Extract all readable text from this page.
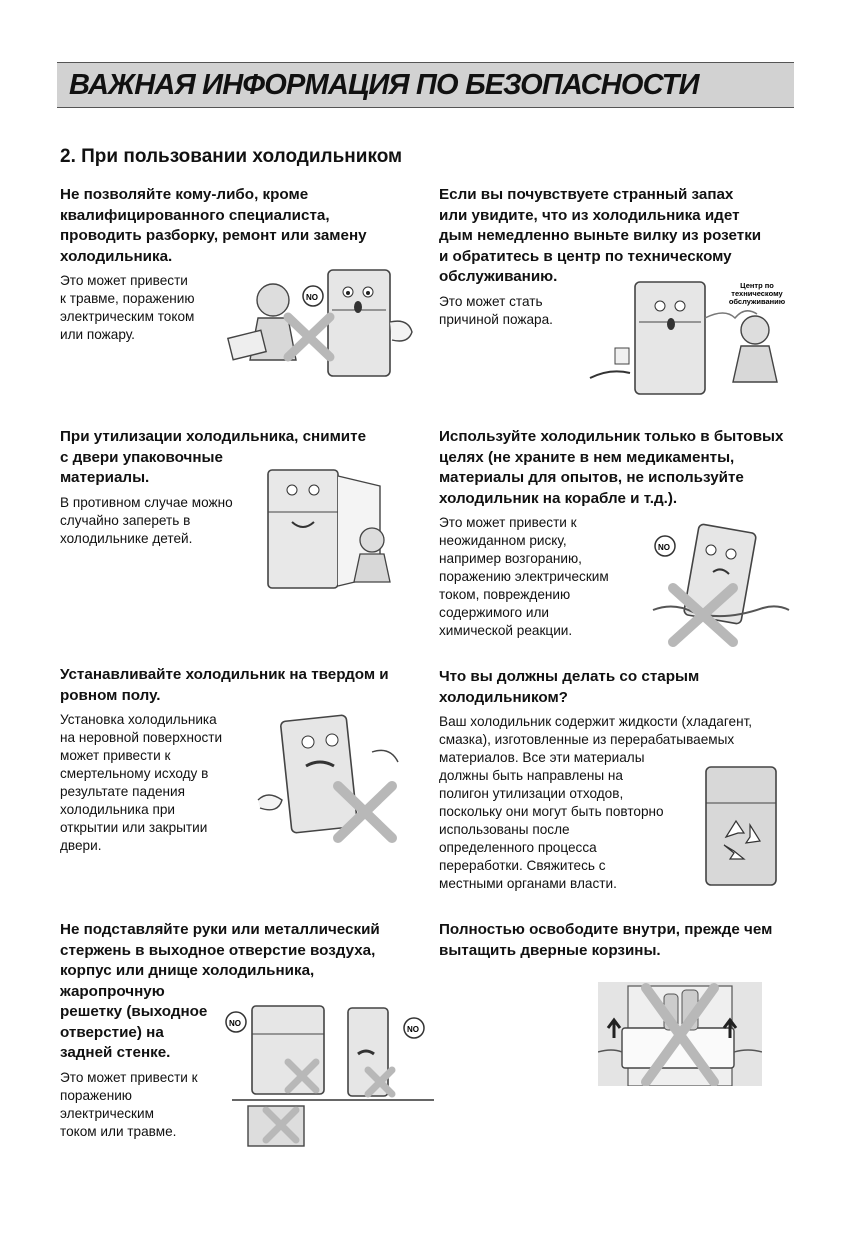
ВАЖНАЯ ИНФОРМАЦИЯ ПО БЕЗОПАСНОСТИ
2. При пользовании холодильником
Не позволяйте кому-либо, кроме
квалифицированного специалиста,
проводить разборку, ремонт или замену
холодильника.
Это может привести
к травме, поражению
электрическим током
или пожару.
NO
Если вы почувствуете странный запах
или увидите, что из холодильника идет
дым немедленно выньте вилку из розетки
и обратитесь в центр по техническому
обслуживанию.
Это может стать
причиной пожара.
Центр по
техническому
обслуживанию
При утилизации холодильника, снимите
с двери упаковочные
материалы.
В противном случае можно
случайно запереть в
холодильнике детей.
Используйте холодильник только в бытовых
целях (не храните в нем медикаменты,
материалы для опытов, не используйте
холодильник на корабле и т.д.).
Это может привести к
неожиданном риску,
например возгоранию,
поражению электрическим
током, повреждению
содержимого или
химической реакции.
NO
Устанавливайте холодильник на твердом и
ровном полу.
Установка холодильника
на неровной поверхности
может привести к
смертельному исходу в
результате падения
холодильника при
открытии или закрытии
двери.
Что вы должны делать со старым
холодильником?
Ваш холодильник содержит жидкости (хладагент,
смазка), изготовленные из перерабатываемых
материалов. Все эти материалы
должны быть направлены на
полигон утилизации отходов,
поскольку они могут быть повторно
использованы после
определенного процесса
переработки. Свяжитесь с
местными органами власти.
Не подставляйте руки или металлический
стержень в выходное отверстие воздуха,
корпус или днище холодильника,
жаропрочную
решетку (выходное
отверстие) на
задней стенке.
Это может привести к
поражению
электрическим
током или травме.
NO
NO
Полностью освободите внутри, прежде чем
вытащить дверные корзины.
